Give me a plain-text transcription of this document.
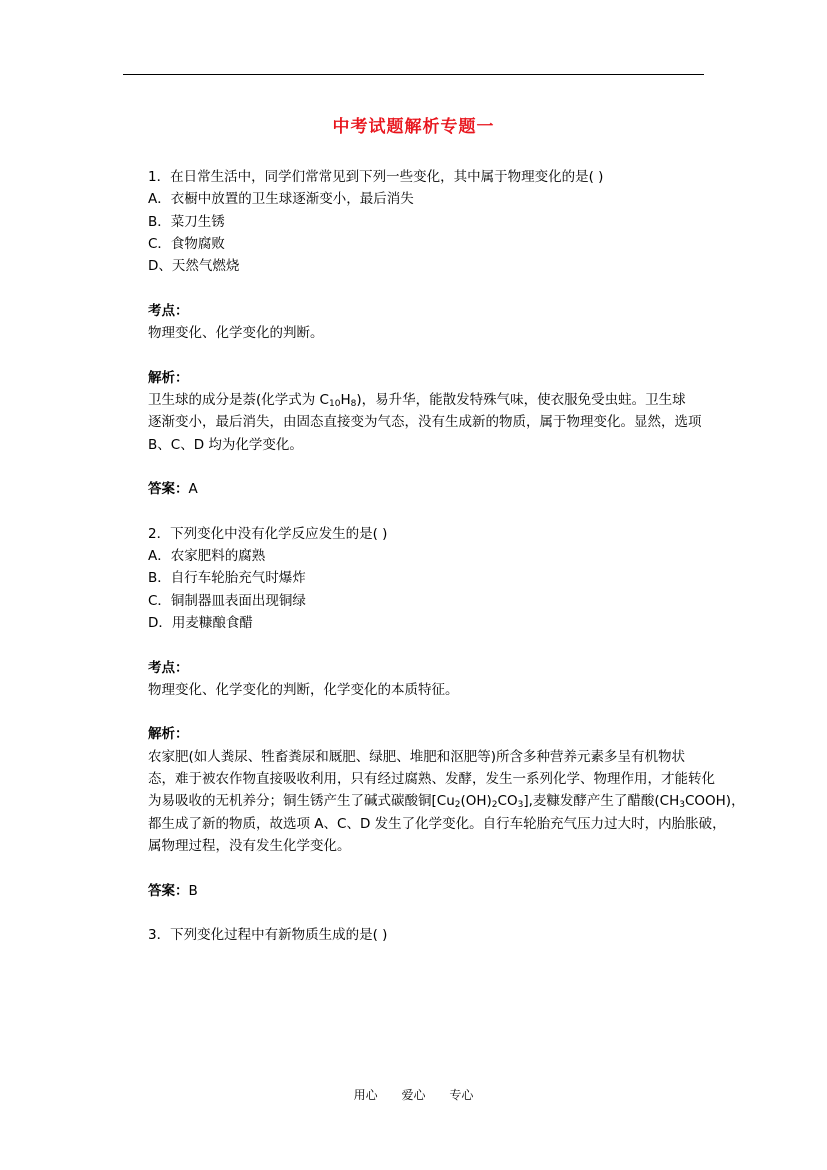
中考试题解析专题一
1．在日常生活中，同学们常常见到下列一些变化，其中属于物理变化的是( )
A．衣橱中放置的卫生球逐渐变小，最后消失
B．菜刀生锈
C．食物腐败
D、天然气燃烧
考点：
物理变化、化学变化的判断。
解析：
卫生球的成分是萘(化学式为 $C_{10}H_8$)，易升华，能散发特殊气味，使衣服免受虫蛀。卫生球
逐渐变小，最后消失，由固态直接变为气态，没有生成新的物质，属于物理变化。显然，选项
B、C、D 均为化学变化。
答案：A
2．下列变化中没有化学反应发生的是( )
A．农家肥料的腐熟
B．自行车轮胎充气时爆炸
C．铜制器皿表面出现铜绿
D．用麦糠酿食醋
考点：
物理变化、化学变化的判断，化学变化的本质特征。
解析：
农家肥(如人粪尿、牲畜粪尿和厩肥、绿肥、堆肥和沤肥等)所含多种营养元素多呈有机物状
态，难于被农作物直接吸收利用，只有经过腐熟、发酵，发生一系列化学、物理作用，才能转化
为易吸收的无机养分；铜生锈产生了碱式碳酸铜$[Cu_2(OH)_2CO_3]$,麦糠发酵产生了醋酸$(CH_3COOH)$，
都生成了新的物质，故选项 A、C、D 发生了化学变化。自行车轮胎充气压力过大时，内胎胀破，
属物理过程，没有发生化学变化。
答案：B
3．下列变化过程中有新物质生成的是( )
用心 爱心 专心
